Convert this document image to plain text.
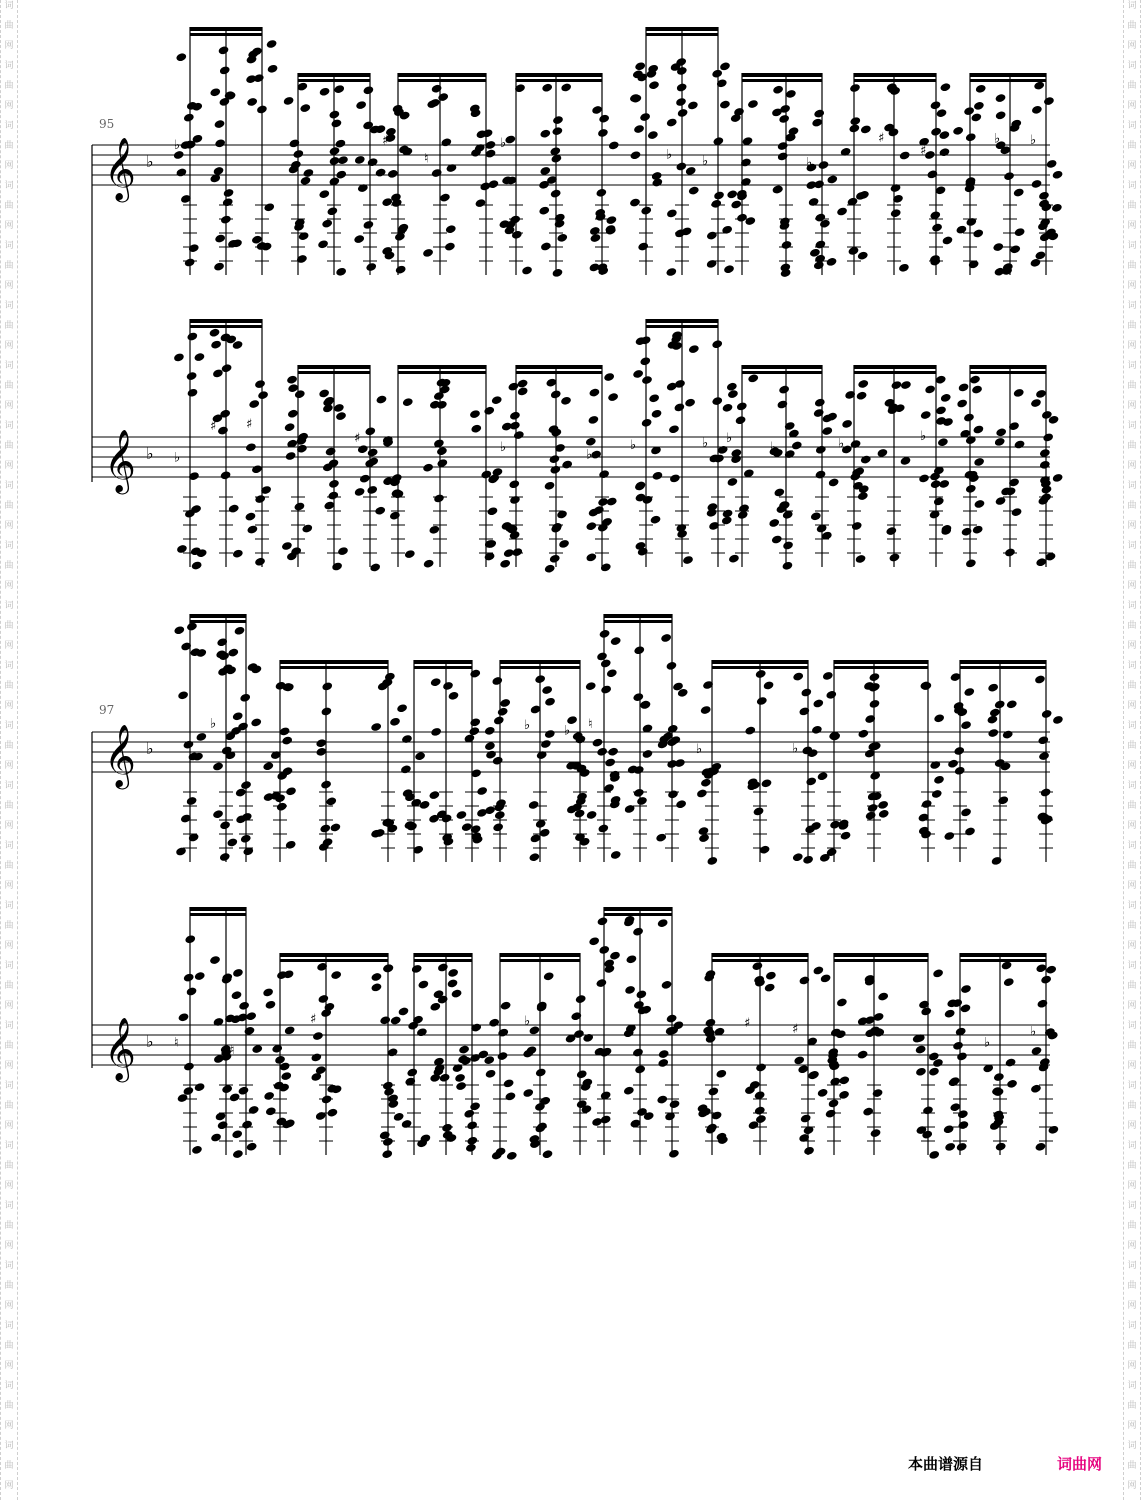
词
曲
网
词
曲
网
词
曲
网
词
曲
网
词
曲
网
词
曲
网
词
曲
网
词
曲
网
词
曲
网
词
曲
网
词
曲
网
词
曲
网
词
曲
网
词
曲
网
词
曲
网
词
曲
网
词
曲
网
词
曲
网
词
曲
网
词
曲
网
词
曲
网
词
曲
网
词
曲
网
词
曲
网
词
曲
网
词
曲
网
词
曲
网
词
曲
网
词
曲
网
词
曲
网
词
曲
网
词
曲
网
词
曲
网
词
曲
网
词
曲
网
词
曲
网
词
曲
网
词
曲
网
词
曲
网
词
曲
网
词
曲
网
词
曲
网
词
曲
网
词
曲
网
词
曲
网
词
曲
网
词
曲
网
词
曲
网
词
曲
网
词
曲
网
𝄞 ♭
♭	♯
♮
♭
♭ ♭	♭
♯
♯
♭ ♭
𝄞 ♭ ♭
♯ ♯
♯
♭
♭
♭	♭ ♭
♭	♭	♭
𝄞 ♭
♭	♭	♭ ♮
♭	♭
𝄞 ♭ ♮
♮
♯	♭	♯	♯
♭
♭
95
97
本曲谱源自	词曲网
